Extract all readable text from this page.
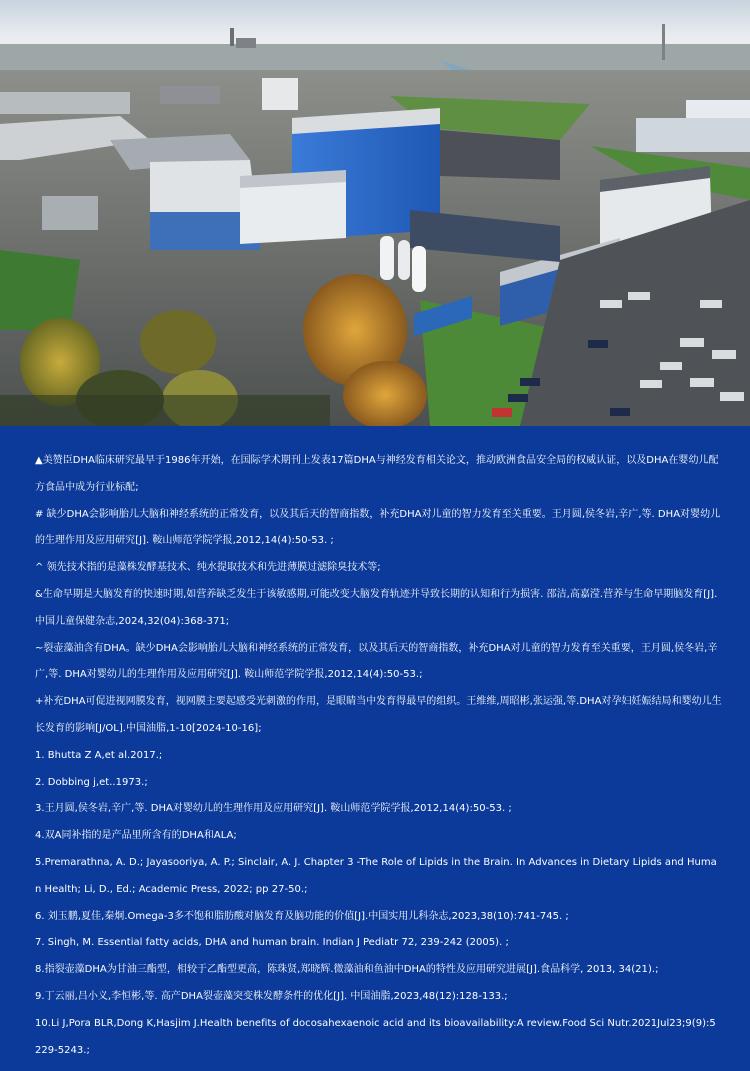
▲美赞臣DHA临床研究最早于1986年开始，在国际学术期刊上发表17篇DHA与神经发育相关论文，推动欧洲食品安全局的权威认证，以及DHA在婴幼儿配方食品中成为行业标配;

# 缺少DHA会影响胎儿大脑和神经系统的正常发育，以及其后天的智商指数，补充DHA对儿童的智力发育至关重要。王月圆,侯冬岩,辛广,等. DHA对婴幼儿的生理作用及应用研究[J]. 鞍山师范学院学报,2012,14(4):50-53. ;

^ 领先技术指的是藻株发酵基技术、纯水提取技术和先进薄膜过滤除臭技术等;

&生命早期是大脑发育的快速时期,如营养缺乏发生于该敏感期,可能改变大脑发育轨迹并导致长期的认知和行为损害. 邵洁,高嘉滢.营养与生命早期脑发育[J].中国儿童保健杂志,2024,32(04):368-371;

~裂壶藻油含有DHA。缺少DHA会影响胎儿大脑和神经系统的正常发育，以及其后天的智商指数，补充DHA对儿童的智力发育至关重要，王月圆,侯冬岩,辛广,等. DHA对婴幼儿的生理作用及应用研究[J]. 鞍山师范学院学报,2012,14(4):50-53.;

+补充DHA可促进视网膜发育，视网膜主要起感受光刺激的作用，是眼睛当中发育得最早的组织。王维维,周昭彬,张运强,等.DHA对孕妇妊娠结局和婴幼儿生长发育的影响[J/OL].中国油脂,1-10[2024-10-16];

1. Bhutta Z A,et al.2017.;

2. Dobbing j,et..1973.;

3.王月圆,侯冬岩,辛广,等. DHA对婴幼儿的生理作用及应用研究[J]. 鞍山师范学院学报,2012,14(4):50-53. ;

4.双A同补指的是产品里所含有的DHA和ALA;

5.Premarathna, A. D.; Jayasooriya, A. P.; Sinclair, A. J. Chapter 3 -The Role of Lipids in the Brain. In Advances in Dietary Lipids and Human Health; Li, D., Ed.; Academic Press, 2022; pp 27-50.;

6. 刘玉鹏,夏佳,秦炯.Omega-3多不饱和脂肪酸对脑发育及脑功能的价值[J].中国实用儿科杂志,2023,38(10):741-745. ;

7. Singh, M. Essential fatty acids, DHA and human brain. Indian J Pediatr 72, 239-242 (2005). ;

8.指裂壶藻DHA为甘油三酯型，相较于乙酯型更高，陈珠贤,郑晓辉.微藻油和鱼油中DHA的特性及应用研究进展[J].食品科学, 2013, 34(21).;

9.丁云丽,吕小义,李恒彬,等. 高产DHA裂壶藻突变株发酵条件的优化[J]. 中国油脂,2023,48(12):128-133.;

10.Li J,Pora BLR,Dong K,Hasjim J.Health benefits of docosahexaenoic acid and its bioavailability:A review.Food Sci Nutr.2021Jul23;9(9):5229-5243.;
